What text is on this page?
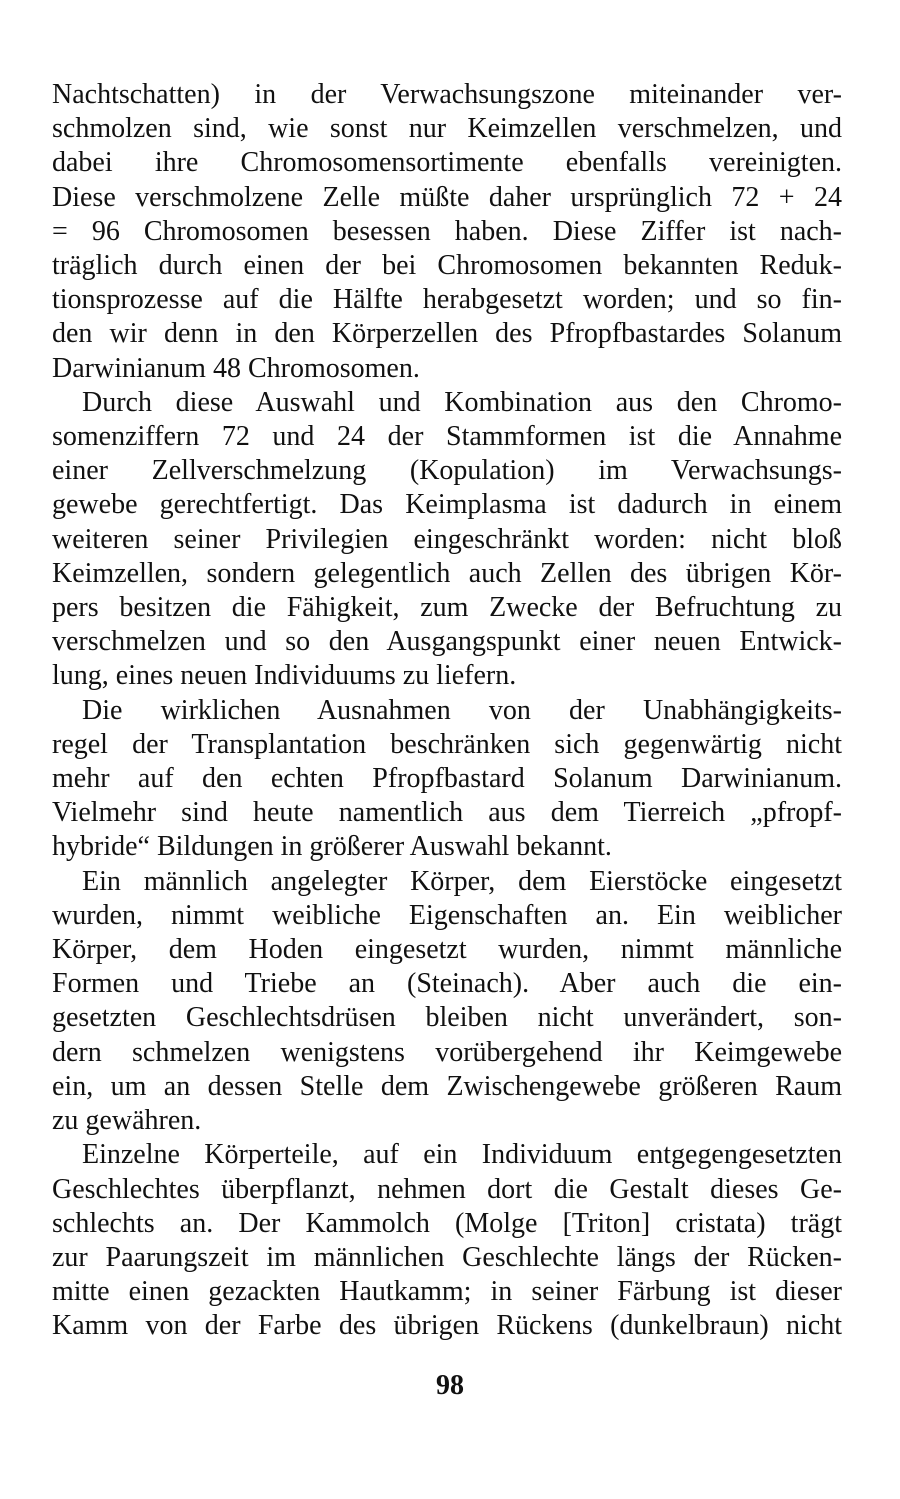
Nachtschatten) in der Verwachsungszone miteinander ver-
schmolzen sind, wie sonst nur Keimzellen verschmelzen, und
dabei ihre Chromosomensortimente ebenfalls vereinigten.
Diese verschmolzene Zelle müßte daher ursprünglich 72 + 24
= 96 Chromosomen besessen haben. Diese Ziffer ist nach-
träglich durch einen der bei Chromosomen bekannten Reduk-
tionsprozesse auf die Hälfte herabgesetzt worden; und so fin-
den wir denn in den Körperzellen des Pfropfbastardes Solanum
Darwinianum 48 Chromosomen.

Durch diese Auswahl und Kombination aus den Chromo-
somenziffern 72 und 24 der Stammformen ist die Annahme
einer Zellverschmelzung (Kopulation) im Verwachsungs-
gewebe gerechtfertigt. Das Keimplasma ist dadurch in einem
weiteren seiner Privilegien eingeschränkt worden: nicht bloß
Keimzellen, sondern gelegentlich auch Zellen des übrigen Kör-
pers besitzen die Fähigkeit, zum Zwecke der Befruchtung zu
verschmelzen und so den Ausgangspunkt einer neuen Entwick-
lung, eines neuen Individuums zu liefern.

Die wirklichen Ausnahmen von der Unabhängigkeits-
regel der Transplantation beschränken sich gegenwärtig nicht
mehr auf den echten Pfropfbastard Solanum Darwinianum.
Vielmehr sind heute namentlich aus dem Tierreich „pfropf-
hybride“ Bildungen in größerer Auswahl bekannt.

Ein männlich angelegter Körper, dem Eierstöcke eingesetzt
wurden, nimmt weibliche Eigenschaften an. Ein weiblicher
Körper, dem Hoden eingesetzt wurden, nimmt männliche
Formen und Triebe an (Steinach). Aber auch die ein-
gesetzten Geschlechtsdrüsen bleiben nicht unverändert, son-
dern schmelzen wenigstens vorübergehend ihr Keimgewebe
ein, um an dessen Stelle dem Zwischengewebe größeren Raum
zu gewähren.

Einzelne Körperteile, auf ein Individuum entgegengesetzten
Geschlechtes überpflanzt, nehmen dort die Gestalt dieses Ge-
schlechts an. Der Kammolch (Molge [Triton] cristata) trägt
zur Paarungszeit im männlichen Geschlechte längs der Rücken-
mitte einen gezackten Hautkamm; in seiner Färbung ist dieser
Kamm von der Farbe des übrigen Rückens (dunkelbraun) nicht

98
